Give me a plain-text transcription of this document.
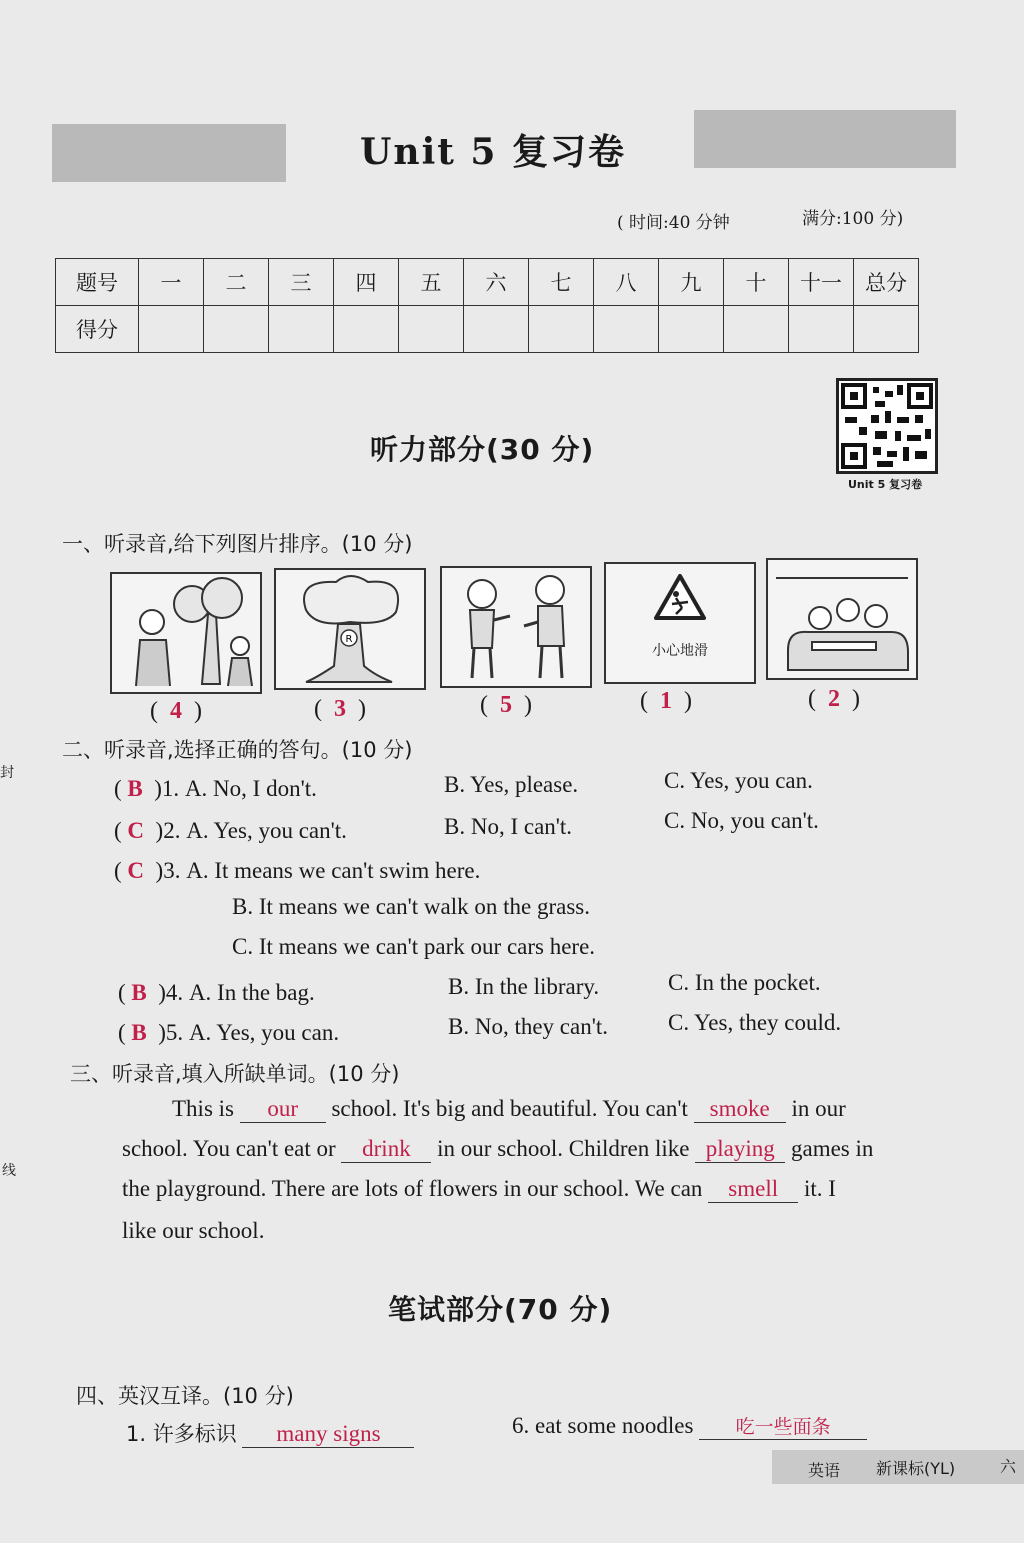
Unit 5 复习卷
( 时间:40 分钟	满分:100 分)
题号	一	二	三	四	五	六	七	八	九	十	十一	总分
得分												
Unit 5 复习卷
听力部分(30 分)
一、听录音,给下列图片排序。(10 分)
R
小心地滑
(  4  )	(  3  )	(  5  )	(  1  )	(  2  )
二、听录音,选择正确的答句。(10 分)
( B )1. A. No, I don't.	B. Yes, please.	C. Yes, you can.
( C )2. A. Yes, you can't.	B. No, I can't.	C. No, you can't.
( C )3. A. It means we can't swim here.
B. It means we can't walk on the grass.
C. It means we can't park our cars here.
( B )4. A. In the bag.	B. In the library.	C. In the pocket.
( B )5. A. Yes, you can.	B. No, they can't.	C. Yes, they could.
三、听录音,填入所缺单词。(10 分)
This is our school. It's big and beautiful. You can't smoke in our
school. You can't eat or drink in our school. Children like playing games in
the playground. There are lots of flowers in our school. We can smell it. I
like our school.
笔试部分(70 分)
四、英汉互译。(10 分)
1. 许多标识 many signs	6. eat some noodles 吃一些面条
英语 新课标(YL)	六
封
线
